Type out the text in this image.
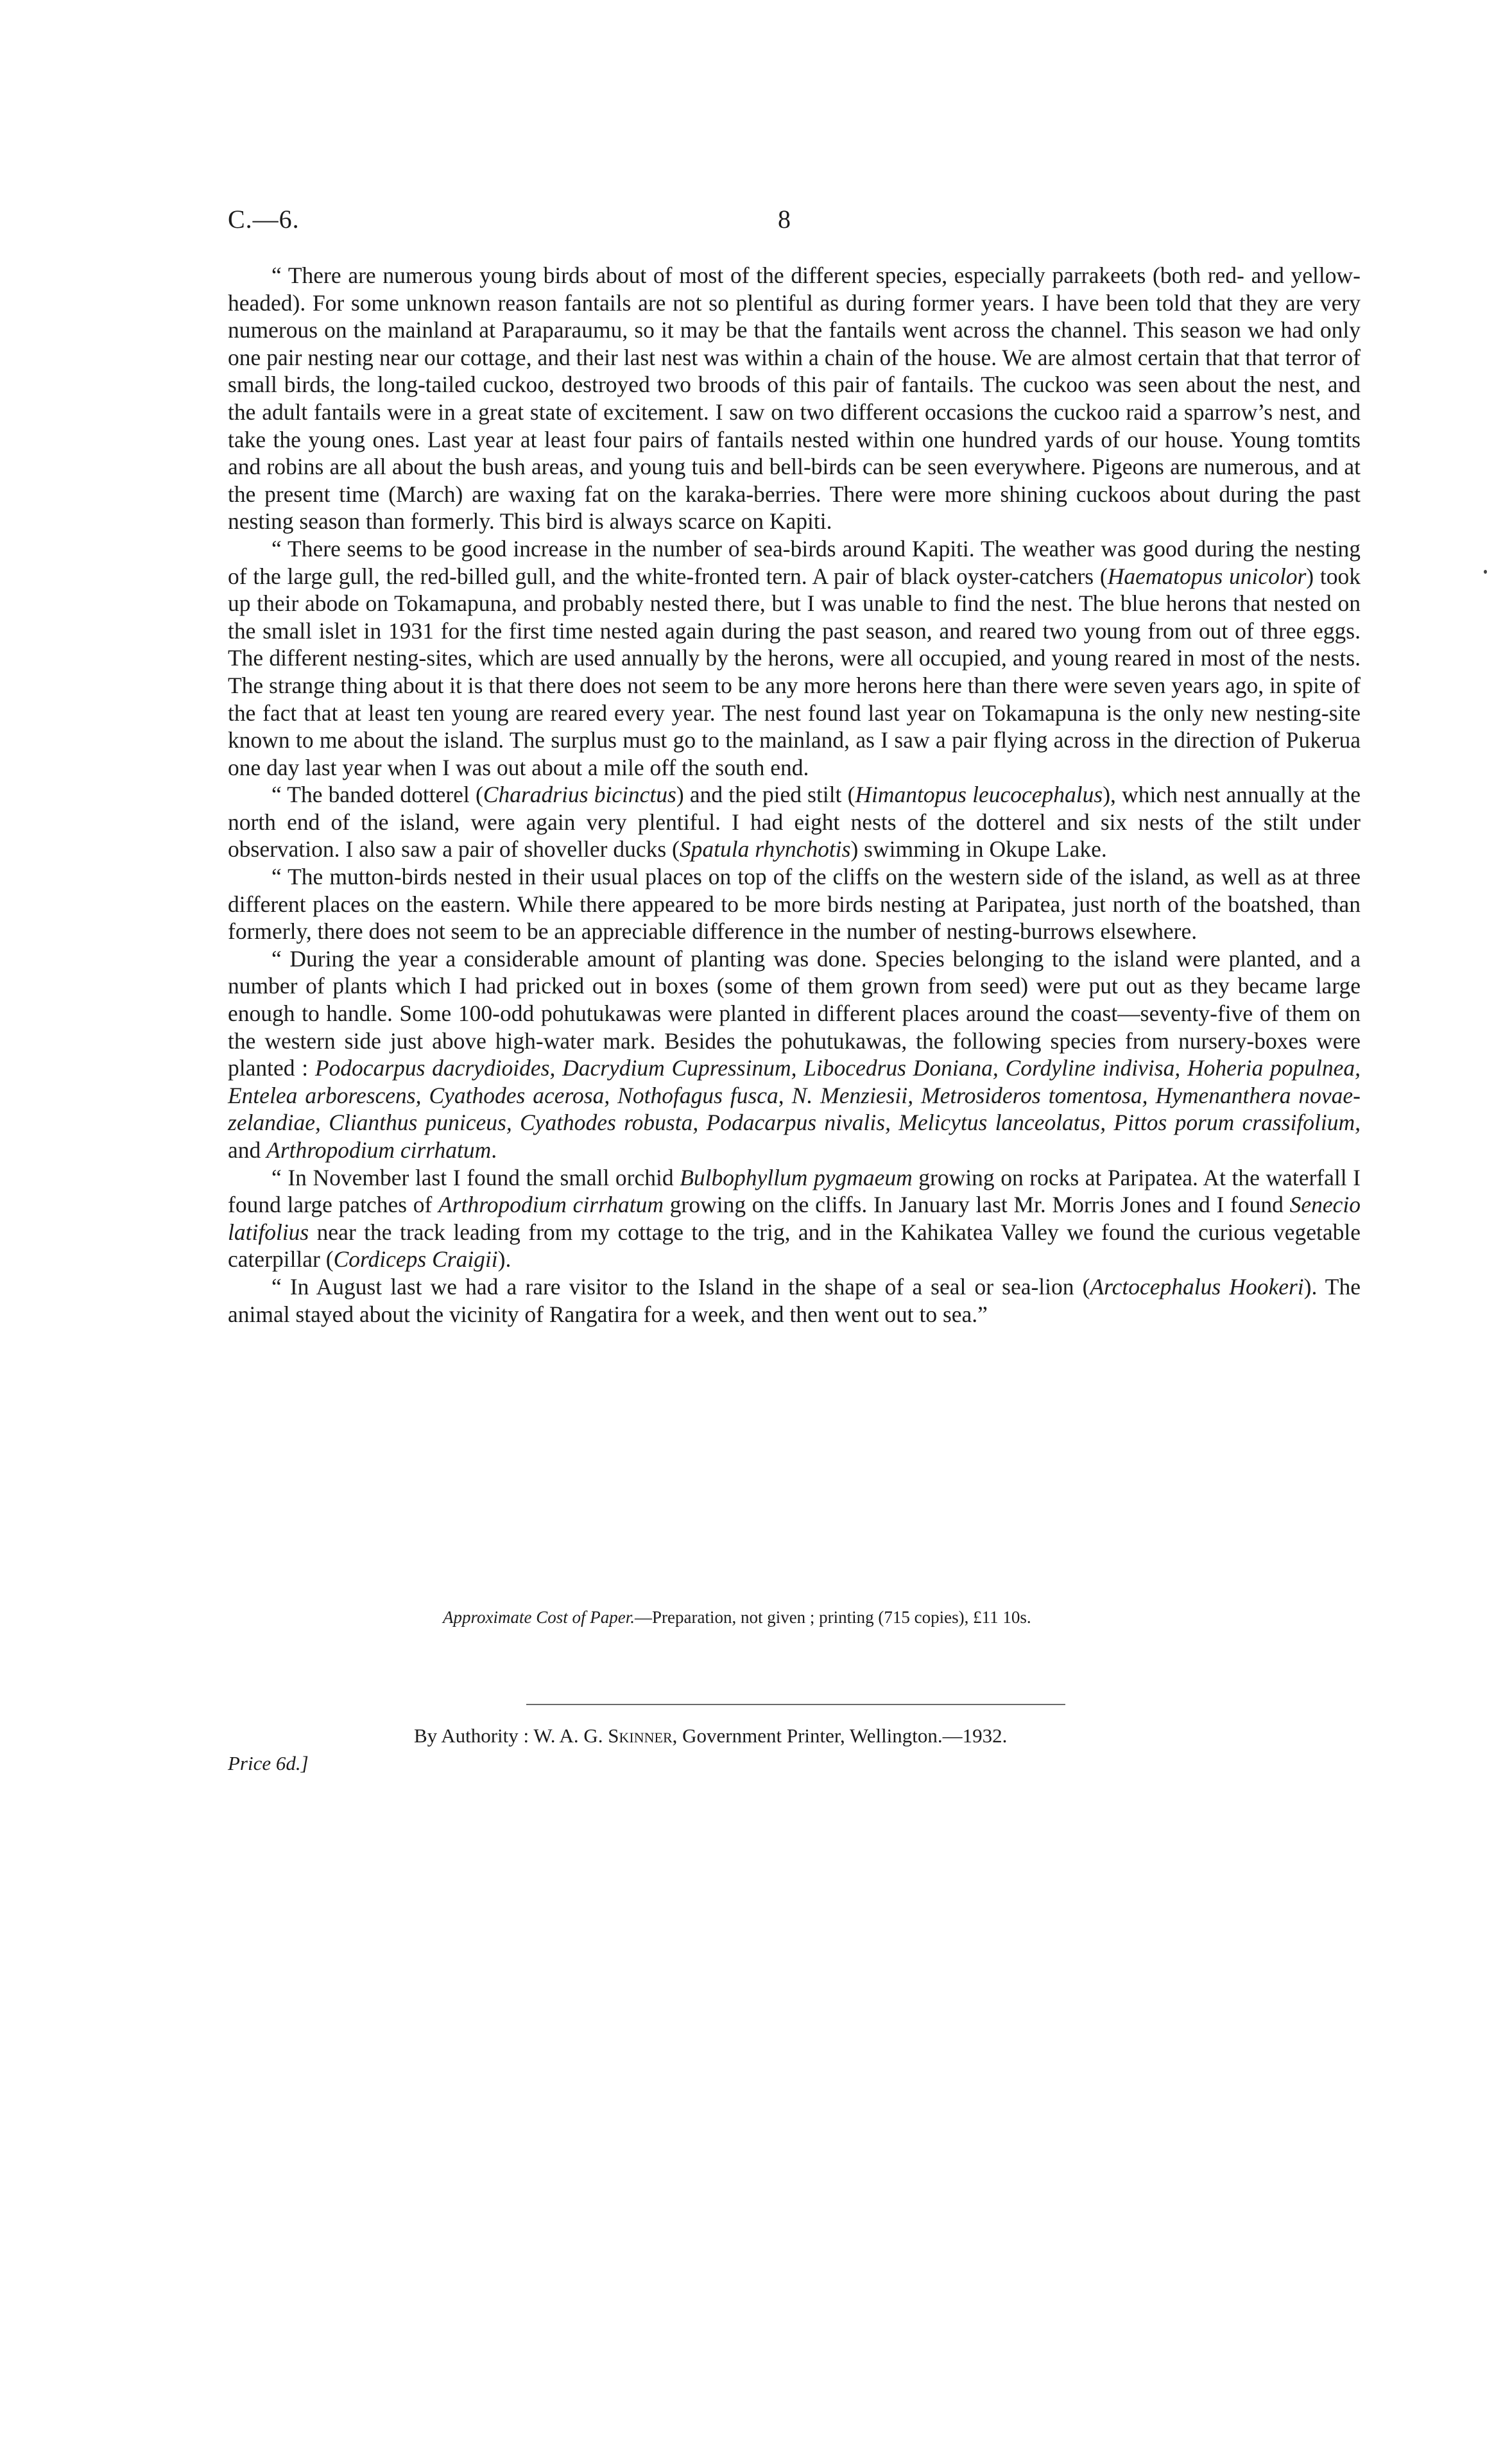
C.—6.	8

“ There are numerous young birds about of most of the different species, especially parrakeets (both red- and yellow-headed). For some unknown reason fantails are not so plentiful as during former years. I have been told that they are very numerous on the mainland at Paraparaumu, so it may be that the fantails went across the channel. This season we had only one pair nesting near our cottage, and their last nest was within a chain of the house. We are almost certain that that terror of small birds, the long-tailed cuckoo, destroyed two broods of this pair of fantails. The cuckoo was seen about the nest, and the adult fantails were in a great state of excitement. I saw on two different occasions the cuckoo raid a sparrow’s nest, and take the young ones. Last year at least four pairs of fantails nested within one hundred yards of our house. Young tomtits and robins are all about the bush areas, and young tuis and bell-birds can be seen everywhere. Pigeons are numerous, and at the present time (March) are waxing fat on the karaka-berries. There were more shining cuckoos about during the past nesting season than formerly. This bird is always scarce on Kapiti.

“ There seems to be good increase in the number of sea-birds around Kapiti. The weather was good during the nesting of the large gull, the red-billed gull, and the white-fronted tern. A pair of black oyster-catchers (Haematopus unicolor) took up their abode on Tokamapuna, and probably nested there, but I was unable to find the nest. The blue herons that nested on the small islet in 1931 for the first time nested again during the past season, and reared two young from out of three eggs. The different nesting-sites, which are used annually by the herons, were all occupied, and young reared in most of the nests. The strange thing about it is that there does not seem to be any more herons here than there were seven years ago, in spite of the fact that at least ten young are reared every year. The nest found last year on Tokamapuna is the only new nesting-site known to me about the island. The surplus must go to the mainland, as I saw a pair flying across in the direction of Pukerua one day last year when I was out about a mile off the south end.

“ The banded dotterel (Charadrius bicinctus) and the pied stilt (Himantopus leucocephalus), which nest annually at the north end of the island, were again very plentiful. I had eight nests of the dotterel and six nests of the stilt under observation. I also saw a pair of shoveller ducks (Spatula rhynchotis) swimming in Okupe Lake.

“ The mutton-birds nested in their usual places on top of the cliffs on the western side of the island, as well as at three different places on the eastern. While there appeared to be more birds nesting at Paripatea, just north of the boatshed, than formerly, there does not seem to be an appreciable difference in the number of nesting-burrows elsewhere.

“ During the year a considerable amount of planting was done. Species belonging to the island were planted, and a number of plants which I had pricked out in boxes (some of them grown from seed) were put out as they became large enough to handle. Some 100-odd pohutukawas were planted in different places around the coast—seventy-five of them on the western side just above high-water mark. Besides the pohutukawas, the following species from nursery-boxes were planted : Podocarpus dacrydioides, Dacrydium Cupressinum, Libocedrus Doniana, Cordyline indivisa, Hoheria populnea, Entelea arborescens, Cyathodes acerosa, Nothofagus fusca, N. Menziesii, Metrosideros tomentosa, Hymenanthera novae-zelandiae, Clianthus puniceus, Cyathodes robusta, Podacarpus nivalis, Melicytus lanceolatus, Pittos porum crassifolium, and Arthropodium cirrhatum.

“ In November last I found the small orchid Bulbophyllum pygmaeum growing on rocks at Paripatea. At the waterfall I found large patches of Arthropodium cirrhatum growing on the cliffs. In January last Mr. Morris Jones and I found Senecio latifolius near the track leading from my cottage to the trig, and in the Kahikatea Valley we found the curious vegetable caterpillar (Cordiceps Craigii).

“ In August last we had a rare visitor to the Island in the shape of a seal or sea-lion (Arctocephalus Hookeri). The animal stayed about the vicinity of Rangatira for a week, and then went out to sea.”

Approximate Cost of Paper.—Preparation, not given ; printing (715 copies), £11 10s.
Price 6d.]
By Authority : W. A. G. Skinner, Government Printer, Wellington.—1932.
